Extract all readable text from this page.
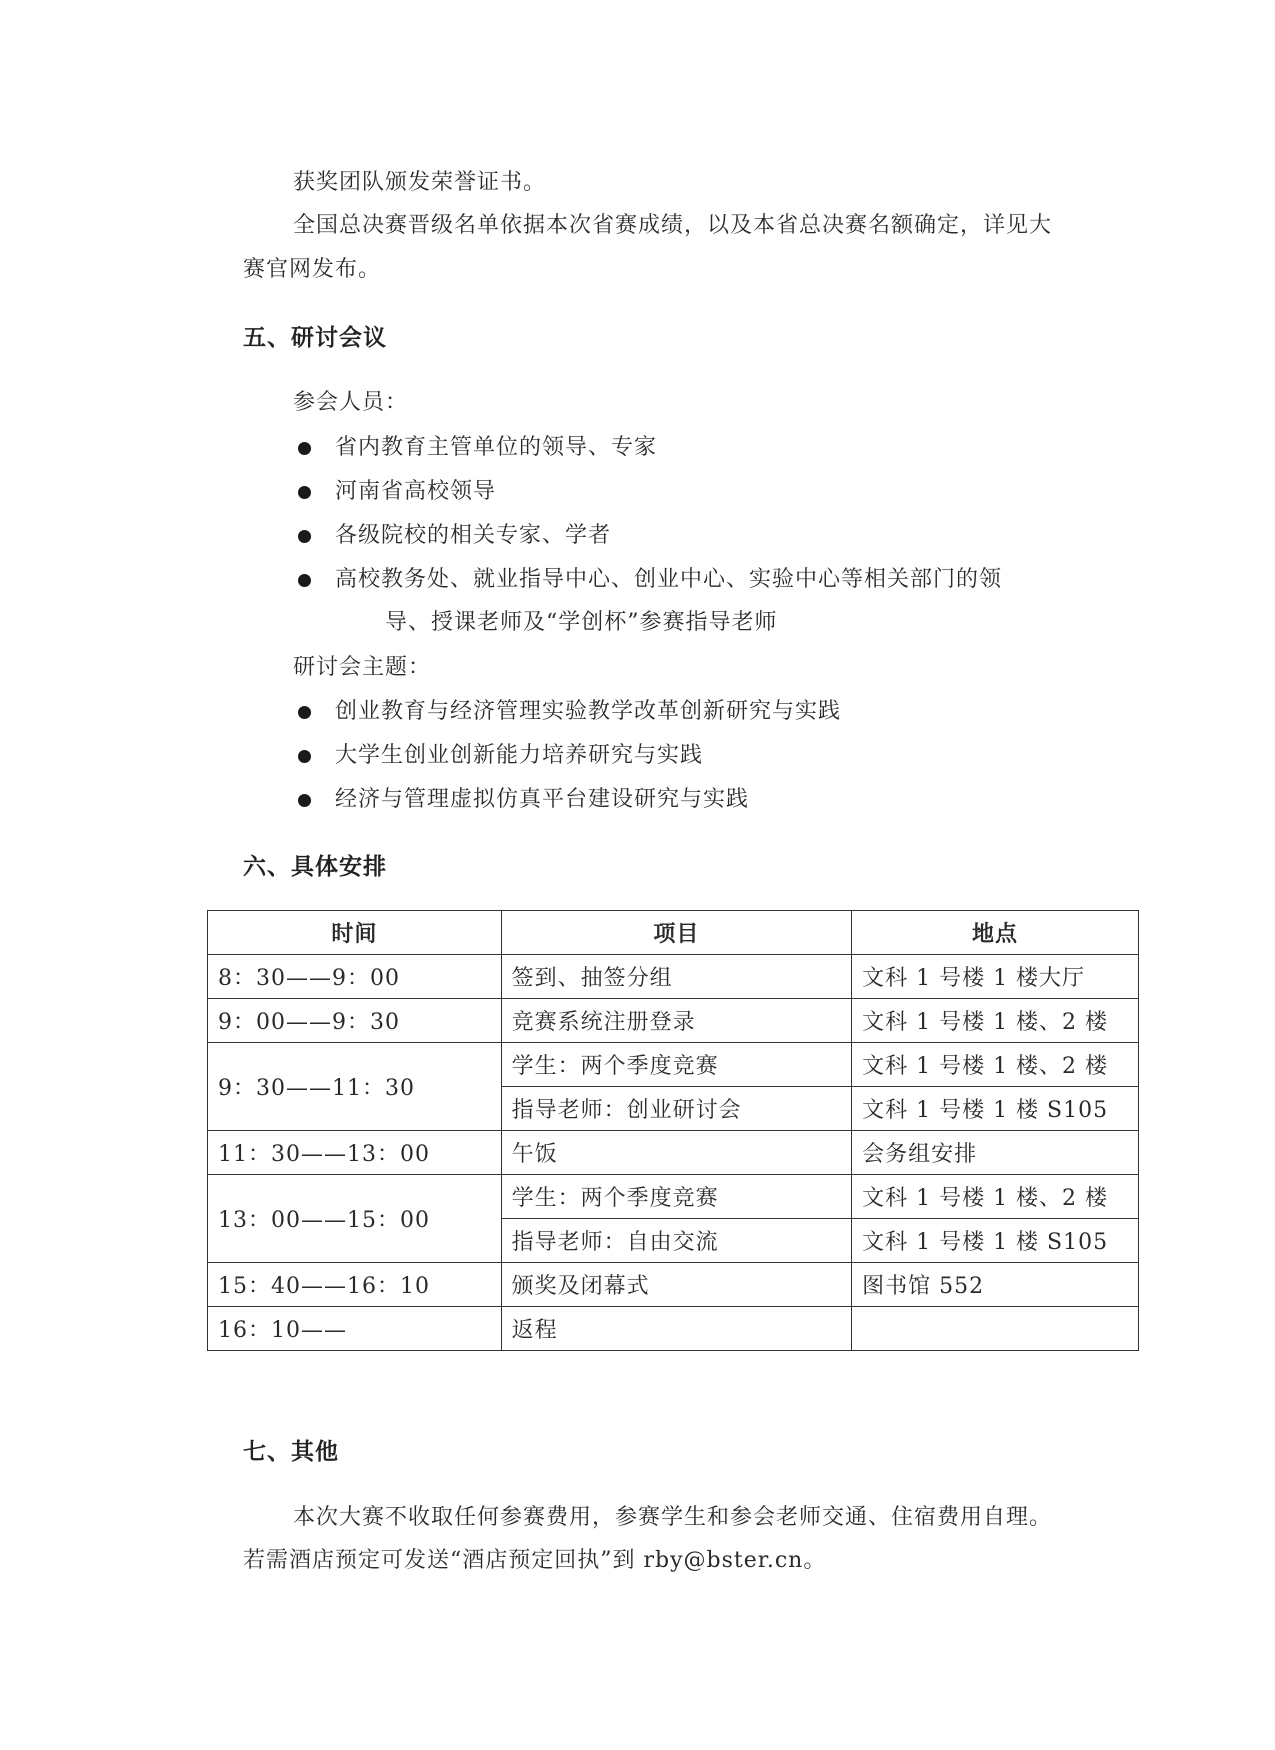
获奖团队颁发荣誉证书。
全国总决赛晋级名单依据本次省赛成绩，以及本省总决赛名额确定，详见大
赛官网发布。
五、研讨会议
参会人员：
省内教育主管单位的领导、专家
河南省高校领导
各级院校的相关专家、学者
高校教务处、就业指导中心、创业中心、实验中心等相关部门的领
导、授课老师及“学创杯”参赛指导老师
研讨会主题：
创业教育与经济管理实验教学改革创新研究与实践
大学生创业创新能力培养研究与实践
经济与管理虚拟仿真平台建设研究与实践
六、具体安排
时间	项目	地点
8：30——9：00	签到、抽签分组	文科 1 号楼 1 楼大厅
9：00——9：30	竞赛系统注册登录	文科 1 号楼 1 楼、2 楼
9：30——11：30	学生：两个季度竞赛	文科 1 号楼 1 楼、2 楼
	指导老师：创业研讨会	文科 1 号楼 1 楼 S105
11：30——13：00	午饭	会务组安排
13：00——15：00	学生：两个季度竞赛	文科 1 号楼 1 楼、2 楼
	指导老师：自由交流	文科 1 号楼 1 楼 S105
15：40——16：10	颁奖及闭幕式	图书馆 552
16：10——	返程	
七、其他
本次大赛不收取任何参赛费用，参赛学生和参会老师交通、住宿费用自理。
若需酒店预定可发送“酒店预定回执”到 rby@bster.cn。
